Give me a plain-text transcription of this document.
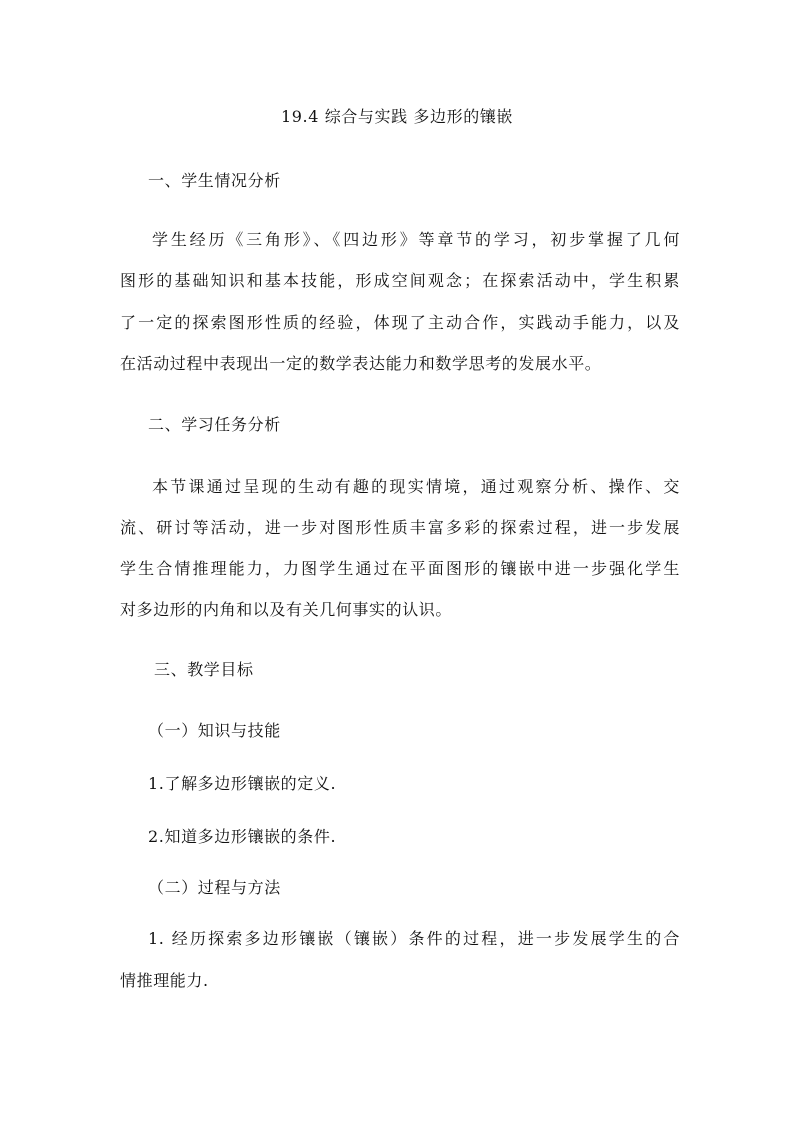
19.4 综合与实践 多边形的镶嵌
一、学生情况分析
学生经历《三角形》、《四边形》等章节的学习，初步掌握了几何
图形的基础知识和基本技能，形成空间观念；在探索活动中，学生积累
了一定的探索图形性质的经验，体现了主动合作，实践动手能力，以及
在活动过程中表现出一定的数学表达能力和数学思考的发展水平。
二、学习任务分析
本节课通过呈现的生动有趣的现实情境，通过观察分析、操作、交
流、研讨等活动，进一步对图形性质丰富多彩的探索过程，进一步发展
学生合情推理能力，力图学生通过在平面图形的镶嵌中进一步强化学生
对多边形的内角和以及有关几何事实的认识。
三、教学目标
（一）知识与技能
1.了解多边形镶嵌的定义.
2.知道多边形镶嵌的条件.
（二）过程与方法
1. 经历探索多边形镶嵌（镶嵌）条件的过程，进一步发展学生的合
情推理能力.
